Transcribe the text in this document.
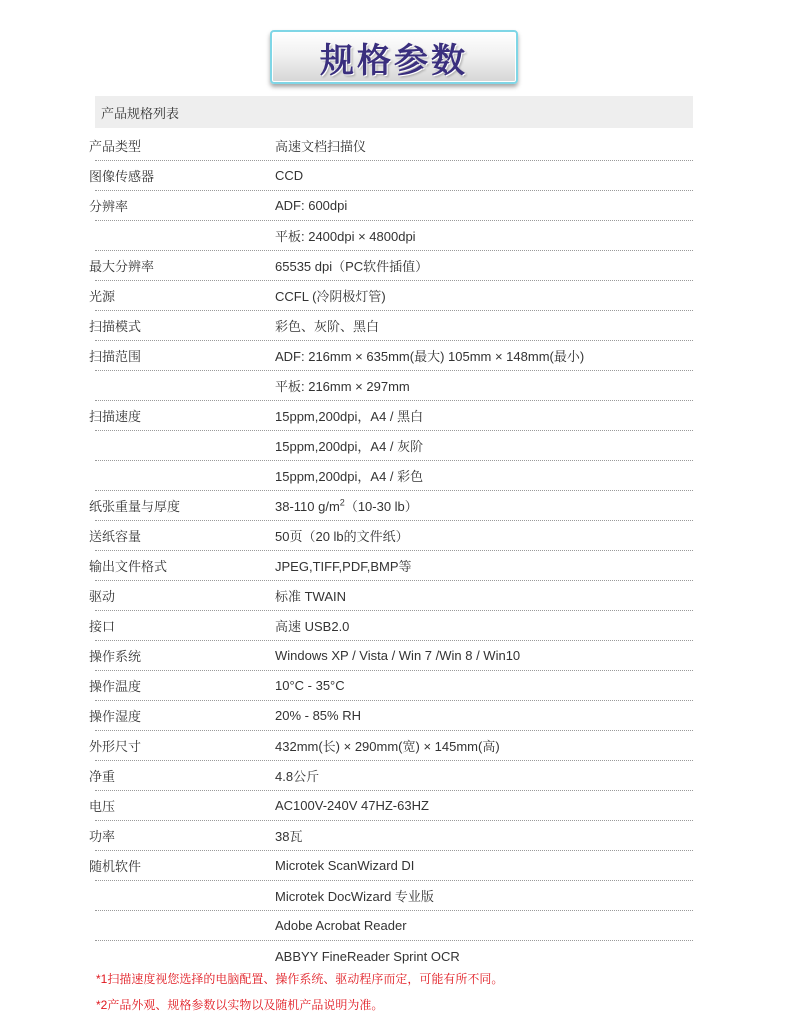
规格参数
产品规格列表
产品类型	高速文档扫描仪
图像传感器	CCD
分辨率	ADF: 600dpi
平板: 2400dpi × 4800dpi
最大分辨率	65535 dpi（PC软件插值）
光源	CCFL (冷阴极灯管)
扫描模式	彩色、灰阶、黑白
扫描范围	ADF: 216mm × 635mm(最大) 105mm × 148mm(最小)
平板: 216mm × 297mm
扫描速度	15ppm,200dpi，A4 / 黑白
15ppm,200dpi，A4 / 灰阶
15ppm,200dpi，A4 / 彩色
纸张重量与厚度	38-110 $g/m^2(10-30$ lb）
送纸容量	50页（20 lb的文件纸）
输出文件格式	JPEG,TIFF,PDF,BMP等
驱动	标准 TWAIN
接口	高速 USB2.0
操作系统	Windows XP / Vista / Win 7 /Win 8 / Win10
操作温度	10°C - 35°C
操作湿度	20% - 85% RH
外形尺寸	432mm(长) × 290mm(宽) × 145mm(高)
净重	4.8公斤
电压	AC100V-240V 47HZ-63HZ
功率	38瓦
随机软件	Microtek ScanWizard DI
Microtek DocWizard 专业版
Adobe Acrobat Reader
ABBYY FineReader Sprint OCR
*1扫描速度视您选择的电脑配置、操作系统、驱动程序而定，可能有所不同。
*2产品外观、规格参数以实物以及随机产品说明为准。
